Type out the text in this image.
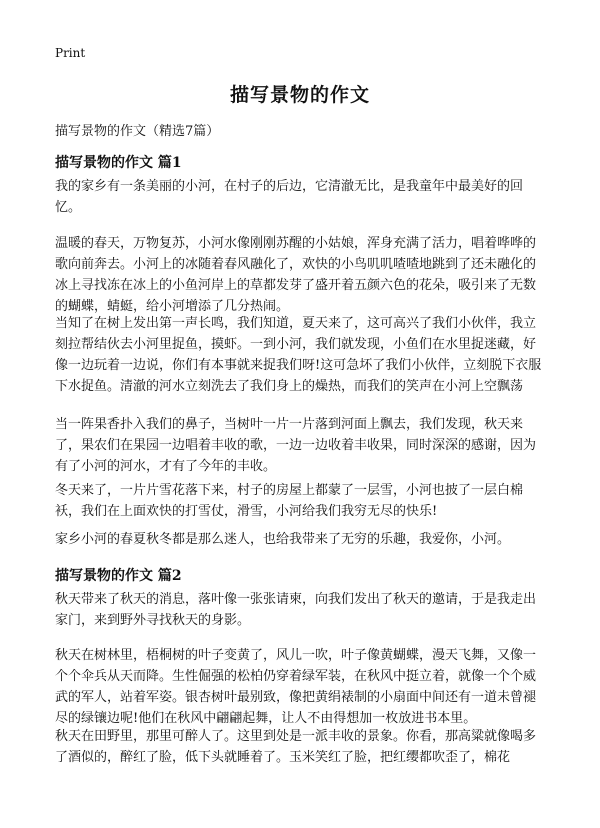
Print
描写景物的作文
描写景物的作文（精选7篇）
描写景物的作文 篇1
我的家乡有一条美丽的小河，在村子的后边，它清澈无比，是我童年中最美好的回忆。
温暖的春天，万物复苏，小河水像刚刚苏醒的小姑娘，浑身充满了活力，唱着哗哗的歌向前奔去。小河上的冰随着春风融化了，欢快的小鸟叽叽喳喳地跳到了还未融化的冰上寻找冻在冰上的小鱼河岸上的草都发芽了盛开着五颜六色的花朵，吸引来了无数的蝴蝶，蜻蜓，给小河增添了几分热闹。
当知了在树上发出第一声长鸣，我们知道，夏天来了，这可高兴了我们小伙伴，我立刻拉帮结伙去小河里捉鱼，摸虾。一到小河，我们就发现，小鱼们在水里捉迷藏，好像一边玩着一边说，你们有本事就来捉我们呀!这可急坏了我们小伙伴，立刻脱下衣服下水捉鱼。清澈的河水立刻洗去了我们身上的燥热，而我们的笑声在小河上空飘荡
当一阵果香扑入我们的鼻子，当树叶一片一片落到河面上飘去，我们发现，秋天来了，果农们在果园一边唱着丰收的歌，一边一边收着丰收果，同时深深的感谢，因为有了小河的河水，才有了今年的丰收。
冬天来了，一片片雪花落下来，村子的房屋上都蒙了一层雪，小河也披了一层白棉袄，我们在上面欢快的打雪仗，滑雪，小河给我们我穷无尽的快乐!
家乡小河的春夏秋冬都是那么迷人，也给我带来了无穷的乐趣，我爱你，小河。
描写景物的作文 篇2
秋天带来了秋天的消息，落叶像一张张请柬，向我们发出了秋天的邀请，于是我走出家门，来到野外寻找秋天的身影。
秋天在树林里，梧桐树的叶子变黄了，风儿一吹，叶子像黄蝴蝶，漫天飞舞，又像一个个伞兵从天而降。生性倔强的松柏仍穿着绿军装，在秋风中挺立着，就像一个个威武的军人，站着军姿。银杏树叶最别致，像把黄绢裱制的小扇面中间还有一道未曾褪尽的绿镶边呢!他们在秋风中翩翩起舞，让人不由得想加一枚放进书本里。
秋天在田野里，那里可醉人了。这里到处是一派丰收的景象。你看，那高粱就像喝多了酒似的，醉红了脸，低下头就睡着了。玉米笑红了脸，把红缨都吹歪了，棉花
